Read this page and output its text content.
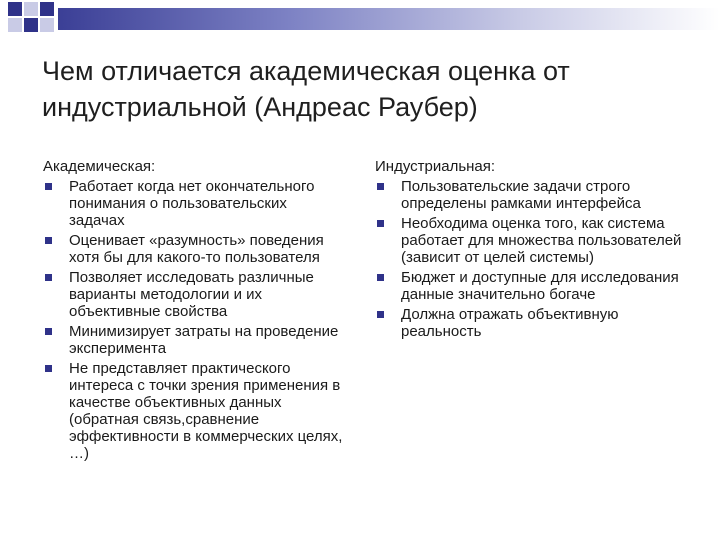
Чем отличается академическая оценка от индустриальной (Андреас Раубер)
Академическая:
Работает когда нет окончательного понимания о пользовательских задачах
Оценивает «разумность» поведения хотя бы для какого-то пользователя
Позволяет исследовать различные варианты методологии и их объективные свойства
Минимизирует затраты на проведение эксперимента
Не представляет практического интереса с точки зрения применения в качестве объективных данных (обратная связь,сравнение эффективности в коммерческих целях, …)
Индустриальная:
Пользовательские задачи строго определены рамками интерфейса
Необходима оценка того, как система работает для множества пользователей (зависит от целей системы)
Бюджет и доступные для исследования данные значительно богаче
Должна отражать объективную реальность
